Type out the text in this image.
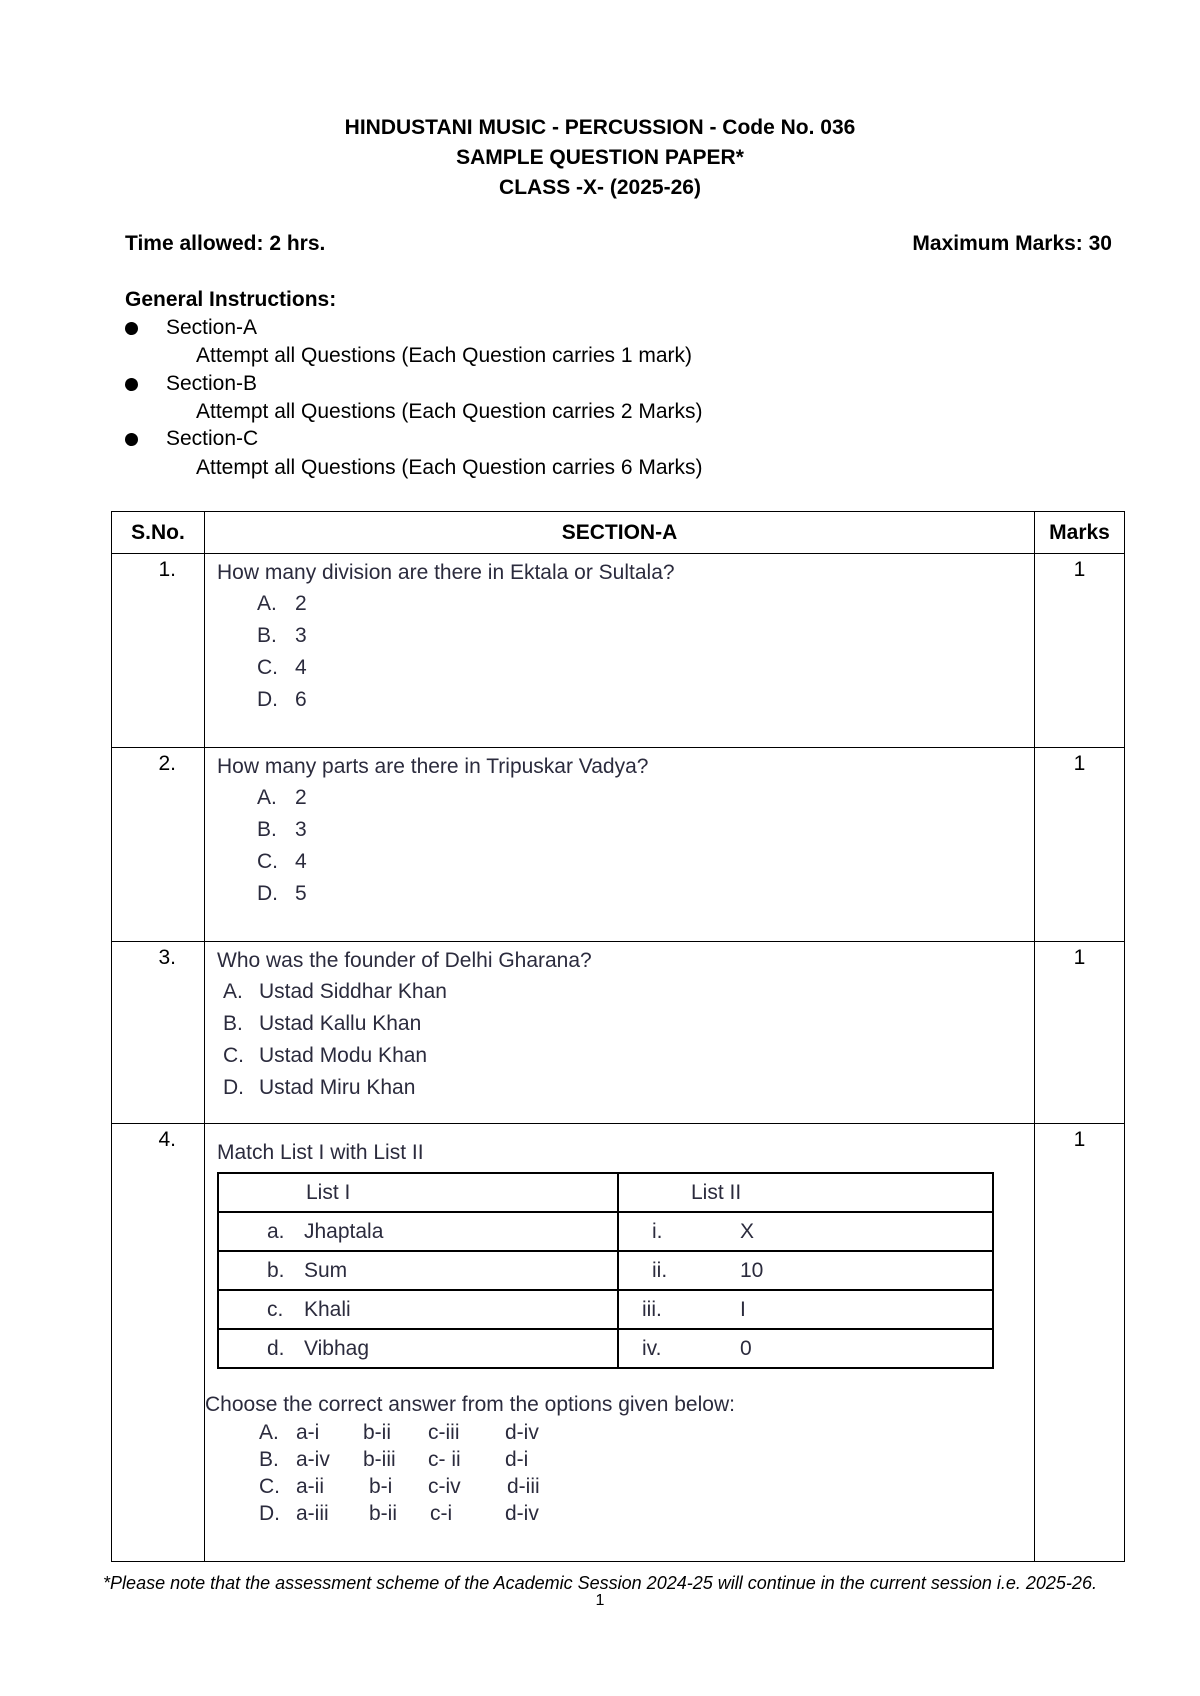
HINDUSTANI MUSIC - PERCUSSION - Code No. 036
SAMPLE QUESTION PAPER*
CLASS -X- (2025-26)
Time allowed: 2 hrs.	Maximum Marks: 30
General Instructions:
Section-A
Attempt all Questions (Each Question carries 1 mark)
Section-B
Attempt all Questions (Each Question carries 2 Marks)
Section-C
Attempt all Questions (Each Question carries 6 Marks)
S.No.	SECTION-A	Marks
1.	How many division are there in Ektala or Sultala?
A. 2
B. 3
C. 4
D. 6
	1
2.	How many parts are there in Tripuskar Vadya?
A. 2
B. 3
C. 4
D. 5
	1
3.	Who was the founder of Delhi Gharana?
A. Ustad Siddhar Khan
B. Ustad Kallu Khan
C. Ustad Modu Khan
D. Ustad Miru Khan
	1
4.	
Match List I with List II
List I	List II
a. Jhaptala	i.	X
b. Sum	ii.	10
c. Khali	iii.	I
d. Vibhag	iv.	0
Choose the correct answer from the options given below:
A. a-i b-ii c-iii d-iv
B. a-iv b-iii c- ii d-i
C. a-ii b-i c-iv d-iii
D. a-iii b-ii c-i	d-iv
	1
*Please note that the assessment scheme of the Academic Session 2024-25 will continue in the current session i.e. 2025-26.
1
